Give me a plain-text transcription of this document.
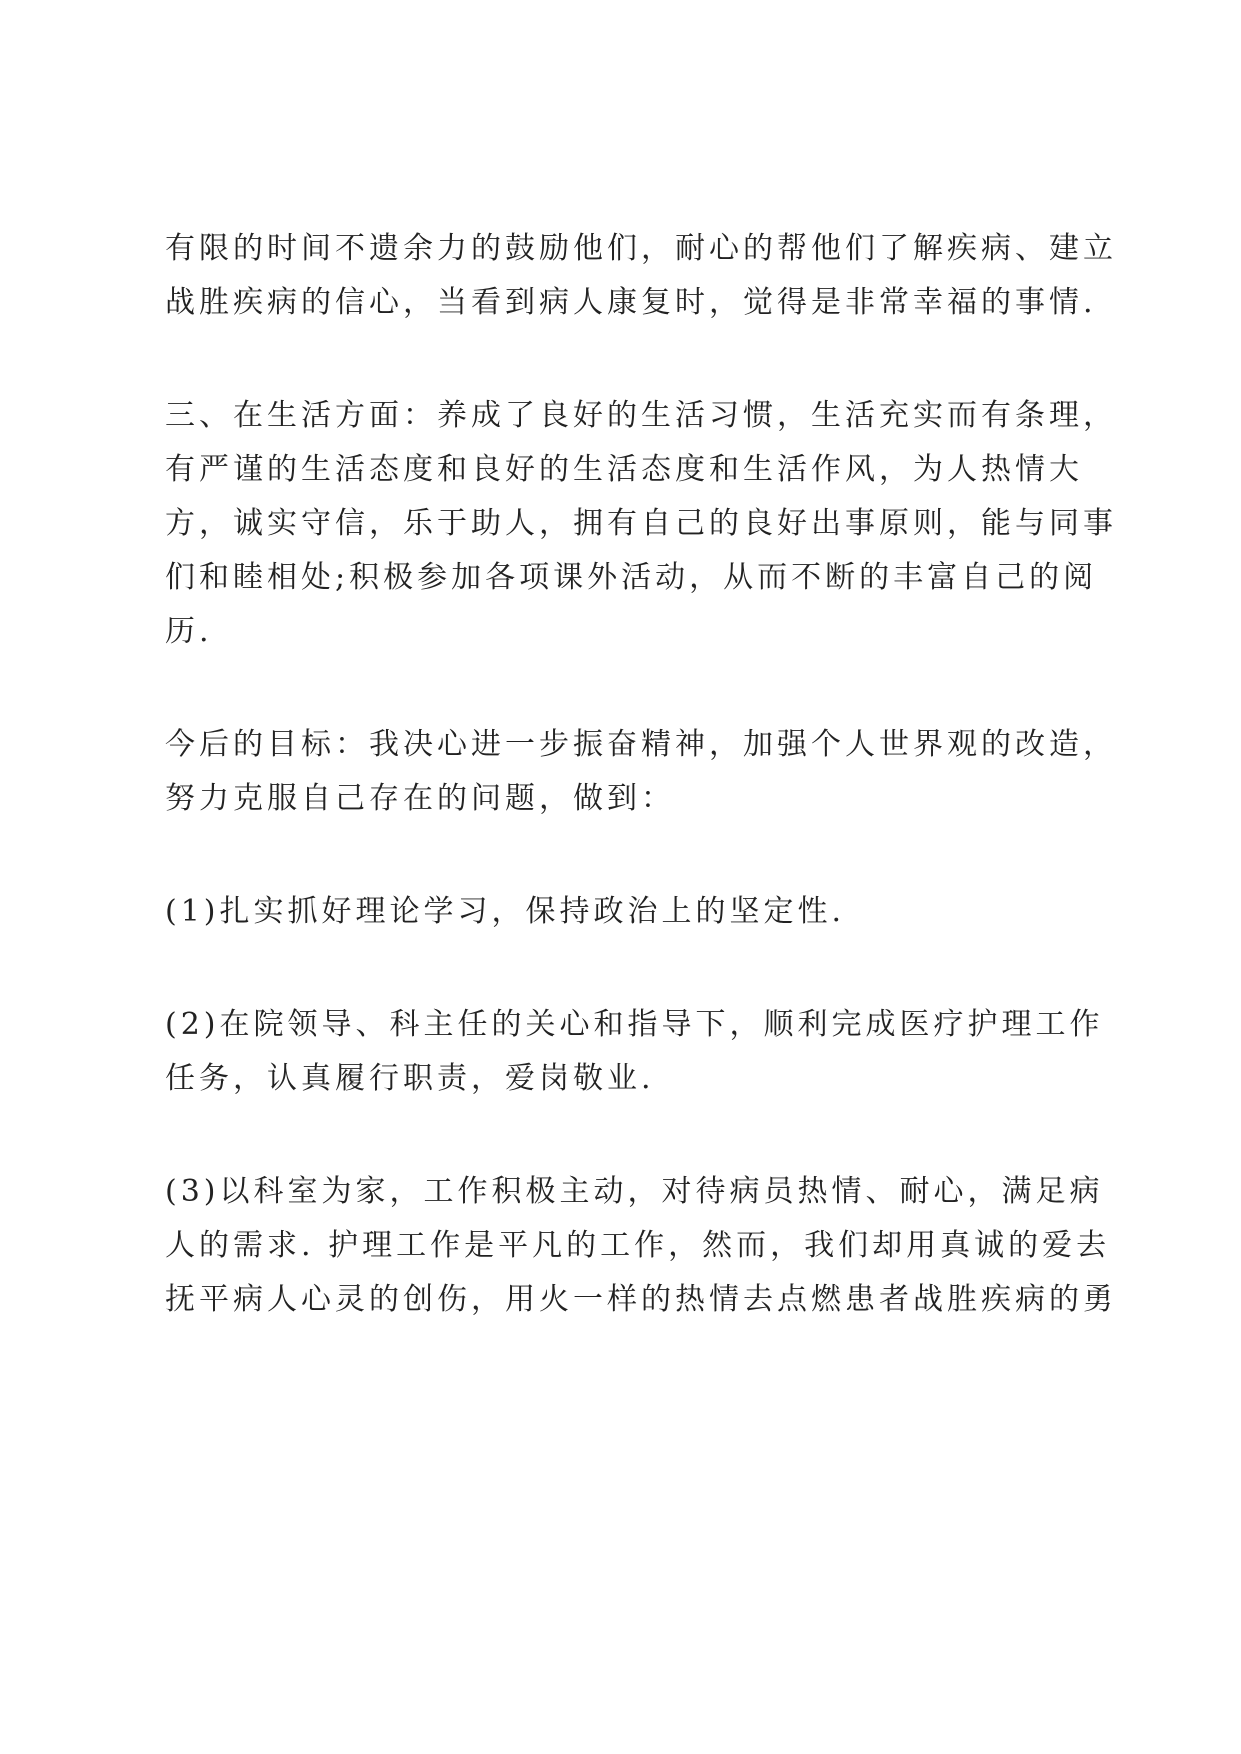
有限的时间不遗余力的鼓励他们，耐心的帮他们了解疾病、建立
战胜疾病的信心，当看到病人康复时，觉得是非常幸福的事情.

三、在生活方面：养成了良好的生活习惯，生活充实而有条理，
有严谨的生活态度和良好的生活态度和生活作风，为人热情大
方，诚实守信，乐于助人，拥有自己的良好出事原则，能与同事
们和睦相处;积极参加各项课外活动，从而不断的丰富自己的阅
历.

今后的目标：我决心进一步振奋精神，加强个人世界观的改造，
努力克服自己存在的问题，做到：

(1)扎实抓好理论学习，保持政治上的坚定性.

(2)在院领导、科主任的关心和指导下，顺利完成医疗护理工作
任务，认真履行职责，爱岗敬业.

(3)以科室为家，工作积极主动，对待病员热情、耐心，满足病
人的需求. 护理工作是平凡的工作，然而，我们却用真诚的爱去
抚平病人心灵的创伤，用火一样的热情去点燃患者战胜疾病的勇
